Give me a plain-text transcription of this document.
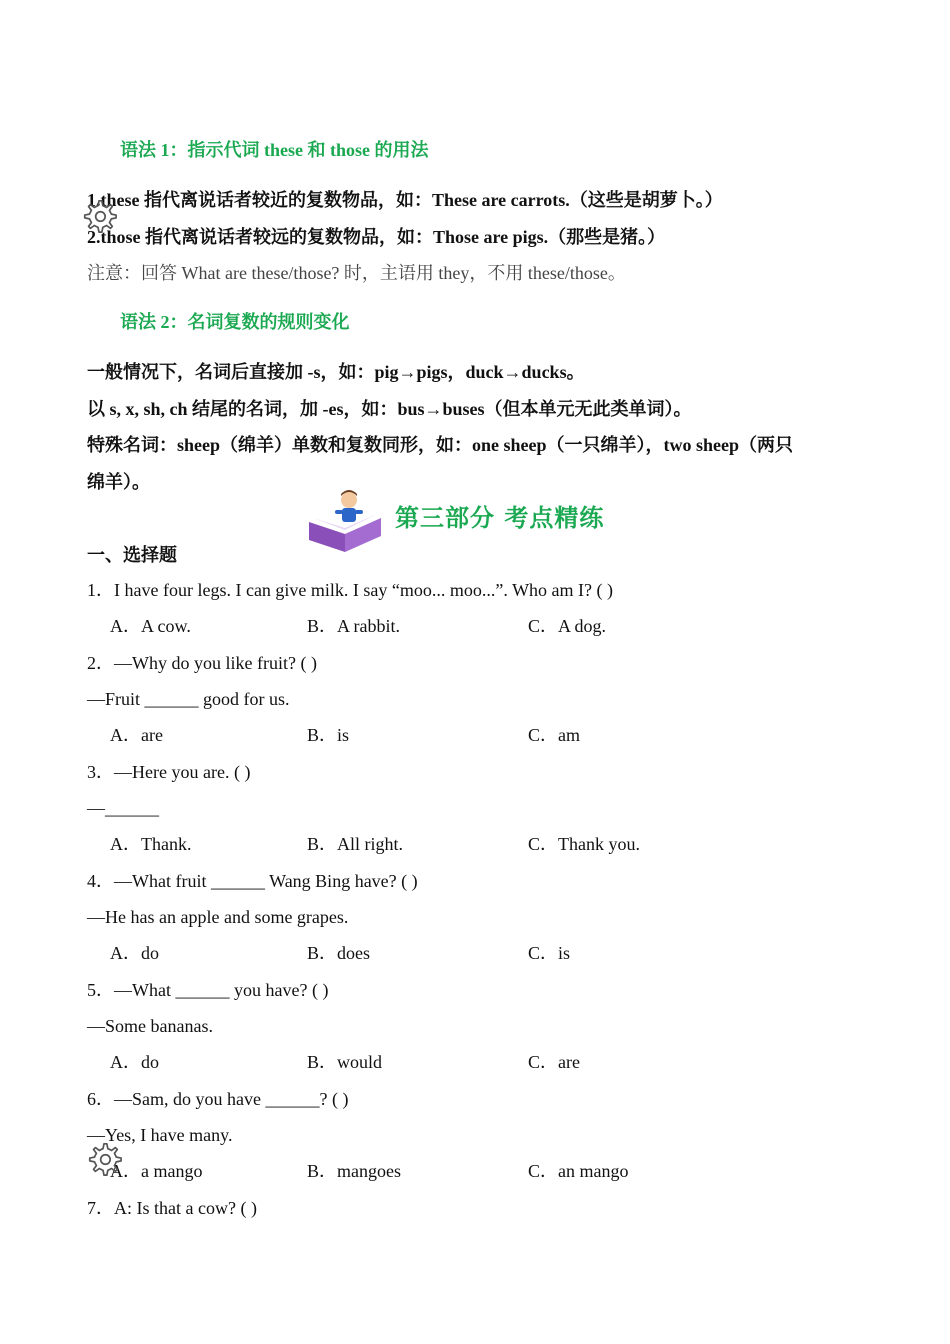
语法 1：指示代词 these 和 those 的用法
1.these 指代离说话者较近的复数物品，如：These are carrots.（这些是胡萝卜。）
2.those 指代离说话者较远的复数物品，如：Those are pigs.（那些是猪。）
注意：回答 What are these/those? 时，主语用 they，不用 these/those。
语法 2：名词复数的规则变化
一般情况下，名词后直接加 -s，如：pig→pigs，duck→ducks。
以 s, x, sh, ch 结尾的名词，加 -es，如：bus→buses（但本单元无此类单词）。
特殊名词：sheep（绵羊）单数和复数同形，如：one sheep（一只绵羊），two sheep（两只
绵羊）。
第三部分 考点精练
一、选择题
1．I have four legs. I can give milk. I say “moo... moo...”. Who am I? ( )
A．A cow.	B．A rabbit.	C．A dog.
2．—Why do you like fruit? ( )
—Fruit ______ good for us.
A．are	B．is	C．am
3．—Here you are. ( )
—______
A．Thank.	B．All right.	C．Thank you.
4．—What fruit ______ Wang Bing have? ( )
—He has an apple and some grapes.
A．do	B．does	C．is
5．—What ______ you have? ( )
—Some bananas.
A．do	B．would	C．are
6．—Sam, do you have ______? ( )
—Yes, I have many.
A．a mango	B．mangoes	C．an mango
7．A: Is that a cow? ( )
